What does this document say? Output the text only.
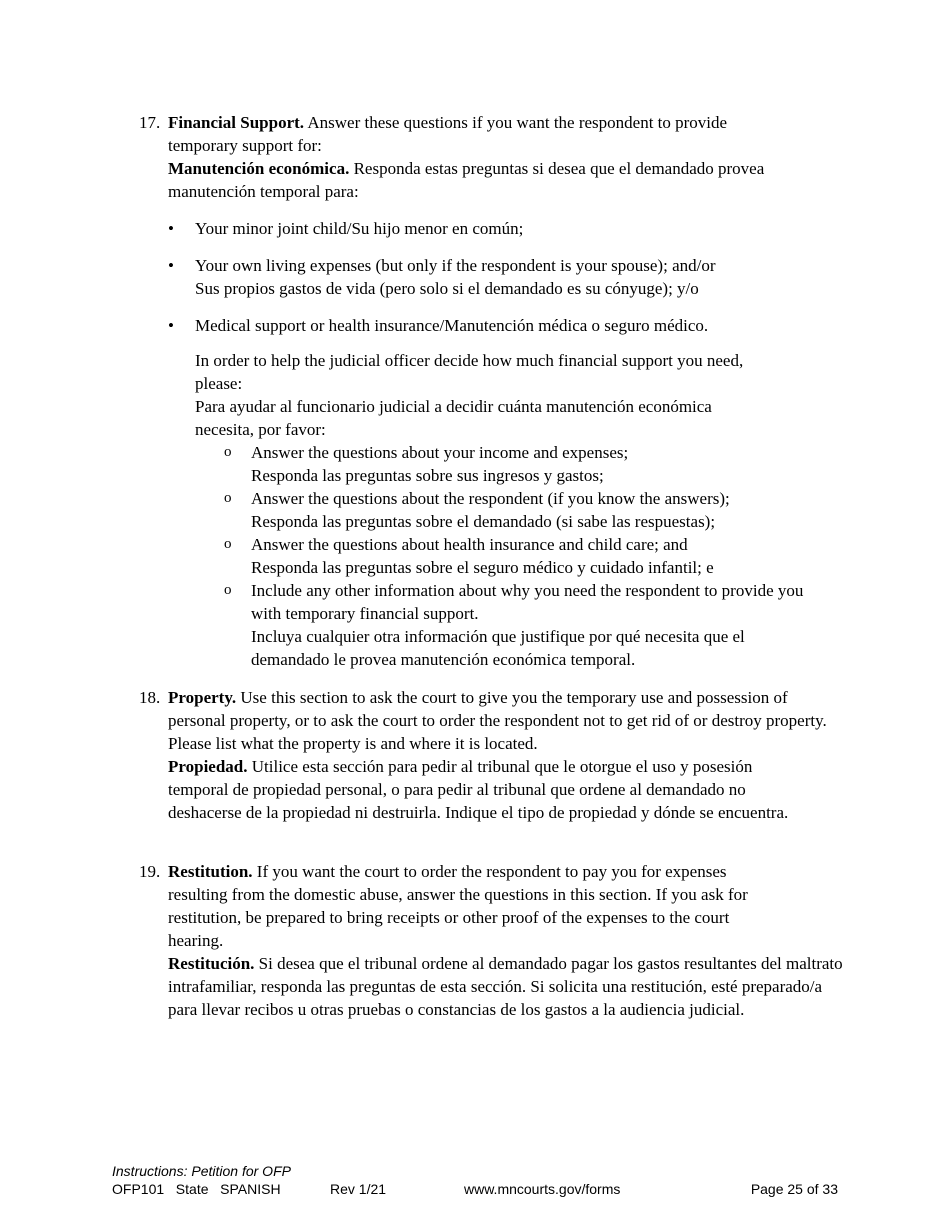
17. Financial Support. Answer these questions if you want the respondent to provide temporary support for:

Manutención económica. Responda estas preguntas si desea que el demandado provea manutención temporal para:

•	Your minor joint child/Su hijo menor en común;
•	Your own living expenses (but only if the respondent is your spouse); and/or
Sus propios gastos de vida (pero solo si el demandado es su cónyuge); y/o
•	Medical support or health insurance/Manutención médica o seguro médico.

In order to help the judicial officer decide how much financial support you need, please:

Para ayudar al funcionario judicial a decidir cuánta manutención económica necesita, por favor:

o	Answer the questions about your income and expenses;
Responda las preguntas sobre sus ingresos y gastos;
o	Answer the questions about the respondent (if you know the answers);
Responda las preguntas sobre el demandado (si sabe las respuestas);
o	Answer the questions about health insurance and child care; and
Responda las preguntas sobre el seguro médico y cuidado infantil; e
o	Include any other information about why you need the respondent to provide you with temporary financial support.
Incluya cualquier otra información que justifique por qué necesita que el demandado le provea manutención económica temporal.
18. Property. Use this section to ask the court to give you the temporary use and possession of personal property, or to ask the court to order the respondent not to get rid of or destroy property. Please list what the property is and where it is located.

Propiedad. Utilice esta sección para pedir al tribunal que le otorgue el uso y posesión temporal de propiedad personal, o para pedir al tribunal que ordene al demandado no deshacerse de la propiedad ni destruirla. Indique el tipo de propiedad y dónde se encuentra.

19. Restitution. If you want the court to order the respondent to pay you for expenses resulting from the domestic abuse, answer the questions in this section. If you ask for restitution, be prepared to bring receipts or other proof of the expenses to the court hearing.

Restitución. Si desea que el tribunal ordene al demandado pagar los gastos resultantes del maltrato intrafamiliar, responda las preguntas de esta sección. Si solicita una restitución, esté preparado/a para llevar recibos u otras pruebas o constancias de los gastos a la audiencia judicial.

Instructions: Petition for OFP
OFP101   State   SPANISH	Rev 1/21	www.mncourts.gov/forms	Page 25 of 33
